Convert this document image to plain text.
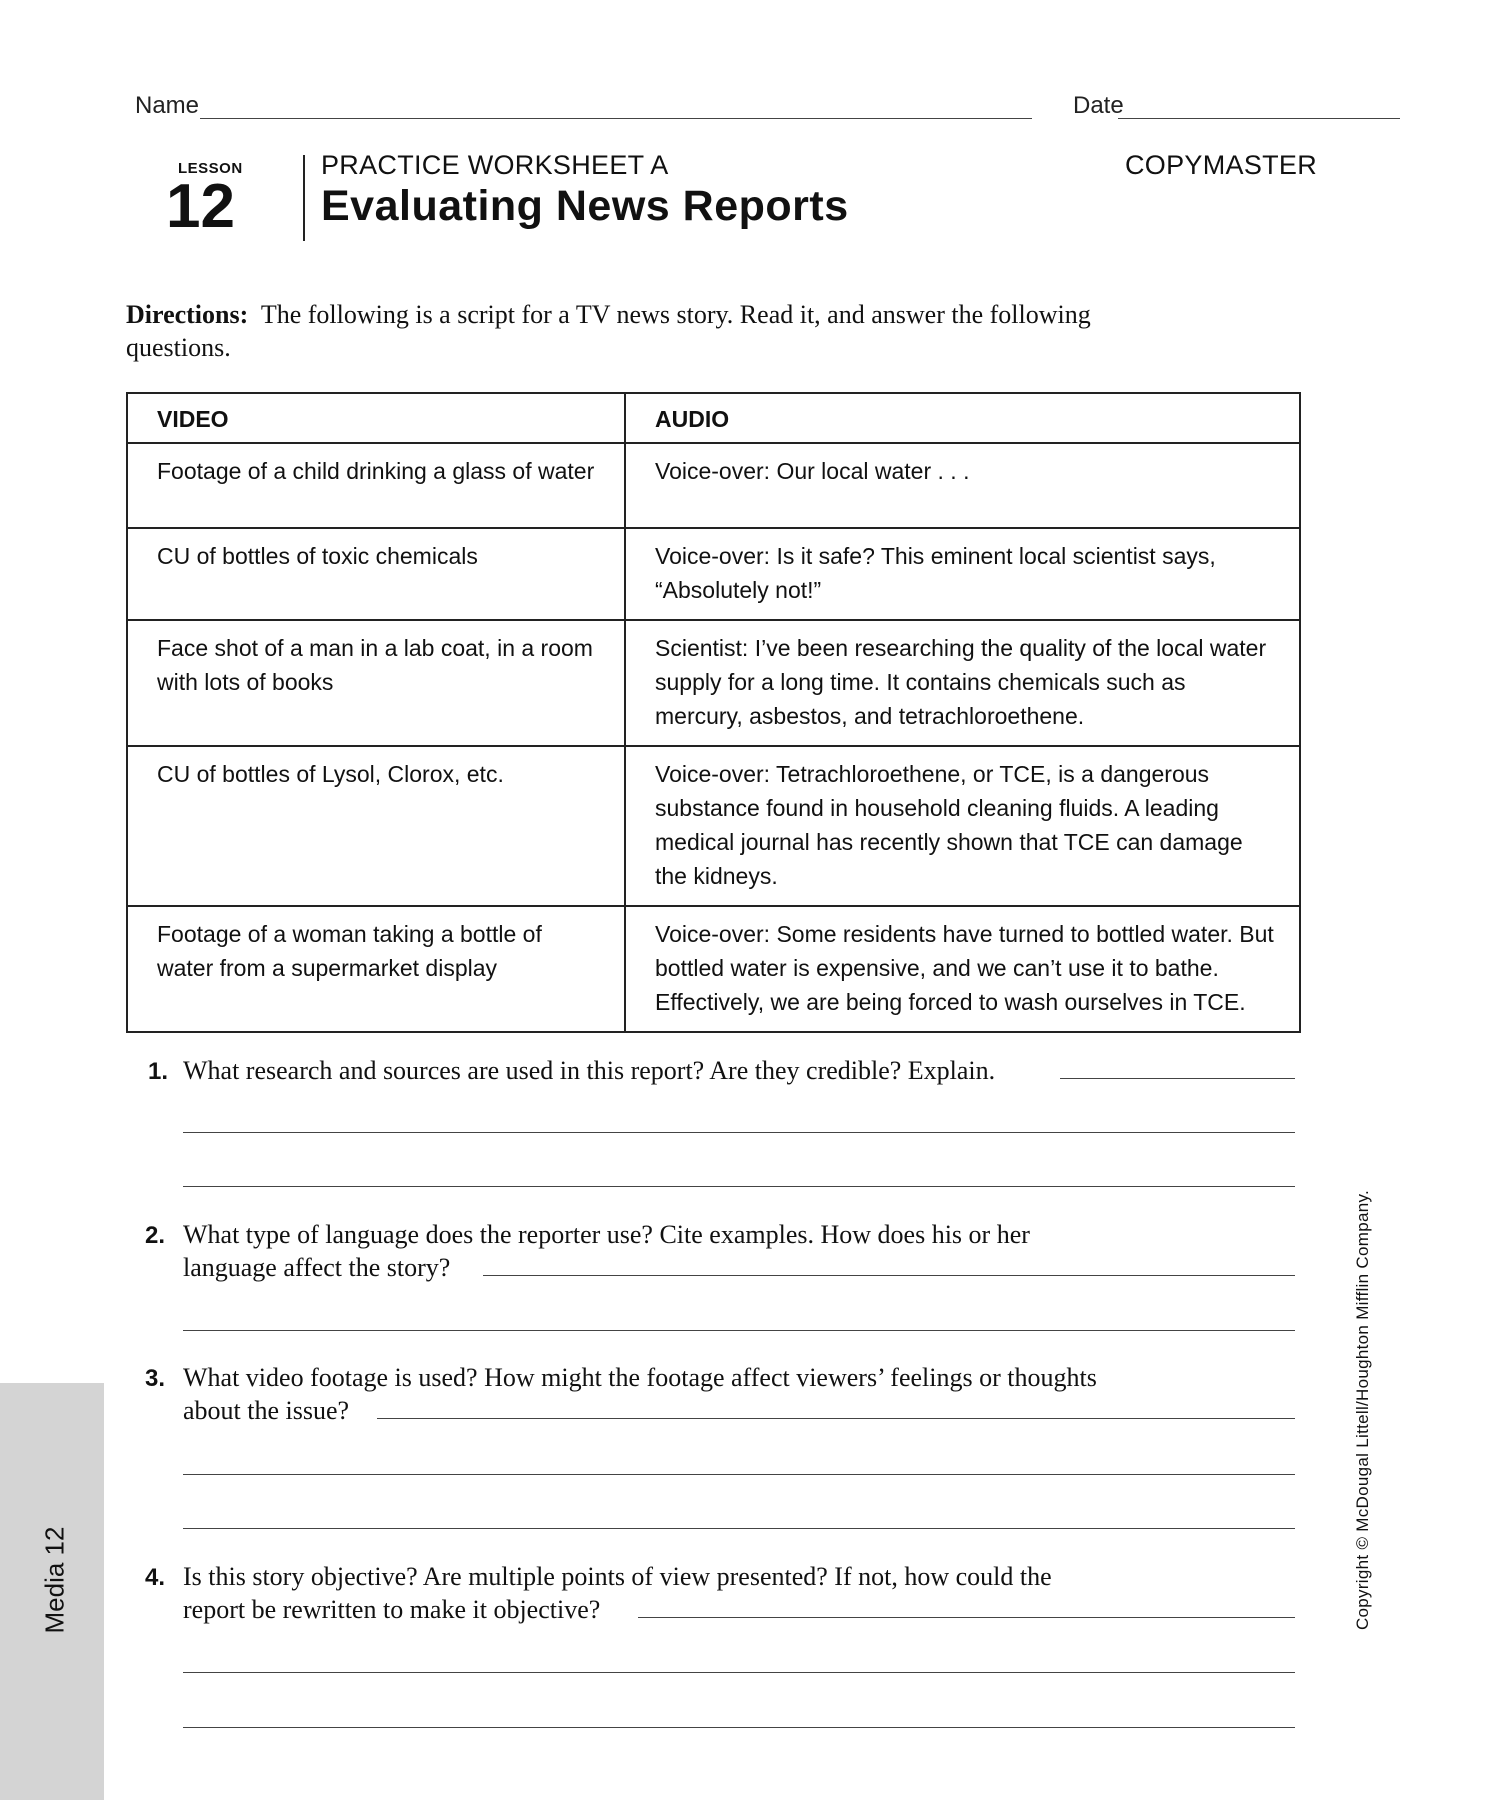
Name	Date
LESSON
12
PRACTICE WORKSHEET A	COPYMASTER
Evaluating News Reports
Directions: The following is a script for a TV news story. Read it, and answer the following questions.
VIDEO	AUDIO
Footage of a child drinking a glass of water	Voice-over: Our local water . . .
CU of bottles of toxic chemicals	Voice-over: Is it safe? This eminent local scientist says, “Absolutely not!”
Face shot of a man in a lab coat, in a room with lots of books	Scientist: I’ve been researching the quality of the local water supply for a long time. It contains chemicals such as mercury, asbestos, and tetrachloroethene.
CU of bottles of Lysol, Clorox, etc.	Voice-over: Tetrachloroethene, or TCE, is a dangerous substance found in household cleaning fluids. A leading medical journal has recently shown that TCE can damage the kidneys.
Footage of a woman taking a bottle of water from a supermarket display	Voice-over: Some residents have turned to bottled water. But bottled water is expensive, and we can’t use it to bathe. Effectively, we are being forced to wash ourselves in TCE.
1. What research and sources are used in this report? Are they credible? Explain.
2. What type of language does the reporter use? Cite examples. How does his or her
language affect the story?
3. What video footage is used? How might the footage affect viewers’ feelings or thoughts
about the issue?
4. Is this story objective? Are multiple points of view presented? If not, how could the
report be rewritten to make it objective?
Media 12	Copyright © McDougal Littell/Houghton Mifflin Company.
